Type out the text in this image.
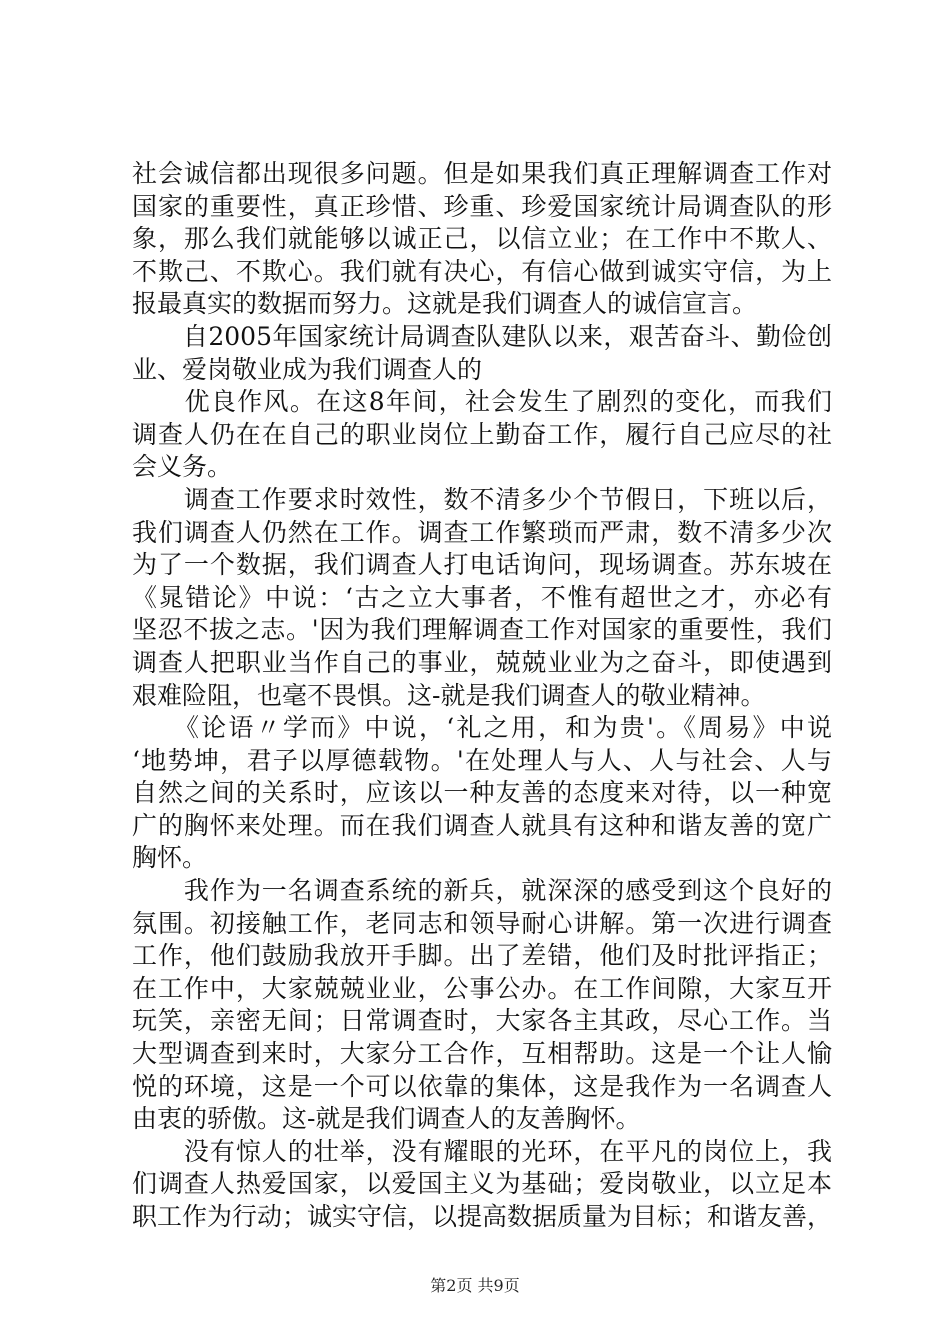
社会诚信都出现很多问题。但是如果我们真正理解调查工作对
国家的重要性，真正珍惜、珍重、珍爱国家统计局调查队的形
象，那么我们就能够以诚正己，以信立业；在工作中不欺人、
不欺己、不欺心。我们就有决心，有信心做到诚实守信，为上
报最真实的数据而努力。这就是我们调查人的诚信宣言。
　　自2005年国家统计局调查队建队以来，艰苦奋斗、勤俭创
业、爱岗敬业成为我们调查人的
　　优良作风。在这8年间，社会发生了剧烈的变化，而我们
调查人仍在在自己的职业岗位上勤奋工作，履行自己应尽的社
会义务。
　　调查工作要求时效性，数不清多少个节假日，下班以后，
我们调查人仍然在工作。调查工作繁琐而严肃，数不清多少次
为了一个数据，我们调查人打电话询问，现场调查。苏东坡在
《晁错论》中说：‘古之立大事者，不惟有超世之才，亦必有
坚忍不拔之志。'因为我们理解调查工作对国家的重要性，我们
调查人把职业当作自己的事业，兢兢业业为之奋斗，即使遇到
艰难险阻，也毫不畏惧。这-就是我们调查人的敬业精神。
　　《论语〃学而》中说，‘礼之用，和为贵'。《周易》中说
‘地势坤，君子以厚德载物。'在处理人与人、人与社会、人与
自然之间的关系时，应该以一种友善的态度来对待，以一种宽
广的胸怀来处理。而在我们调查人就具有这种和谐友善的宽广
胸怀。
　　我作为一名调查系统的新兵，就深深的感受到这个良好的
氛围。初接触工作，老同志和领导耐心讲解。第一次进行调查
工作，他们鼓励我放开手脚。出了差错，他们及时批评指正；
在工作中，大家兢兢业业，公事公办。在工作间隙，大家互开
玩笑，亲密无间；日常调查时，大家各主其政，尽心工作。当
大型调查到来时，大家分工合作，互相帮助。这是一个让人愉
悦的环境，这是一个可以依靠的集体，这是我作为一名调查人
由衷的骄傲。这-就是我们调查人的友善胸怀。
　　没有惊人的壮举，没有耀眼的光环，在平凡的岗位上，我
们调查人热爱国家，以爱国主义为基础；爱岗敬业，以立足本
职工作为行动；诚实守信，以提高数据质量为目标；和谐友善，
第2页 共9页
